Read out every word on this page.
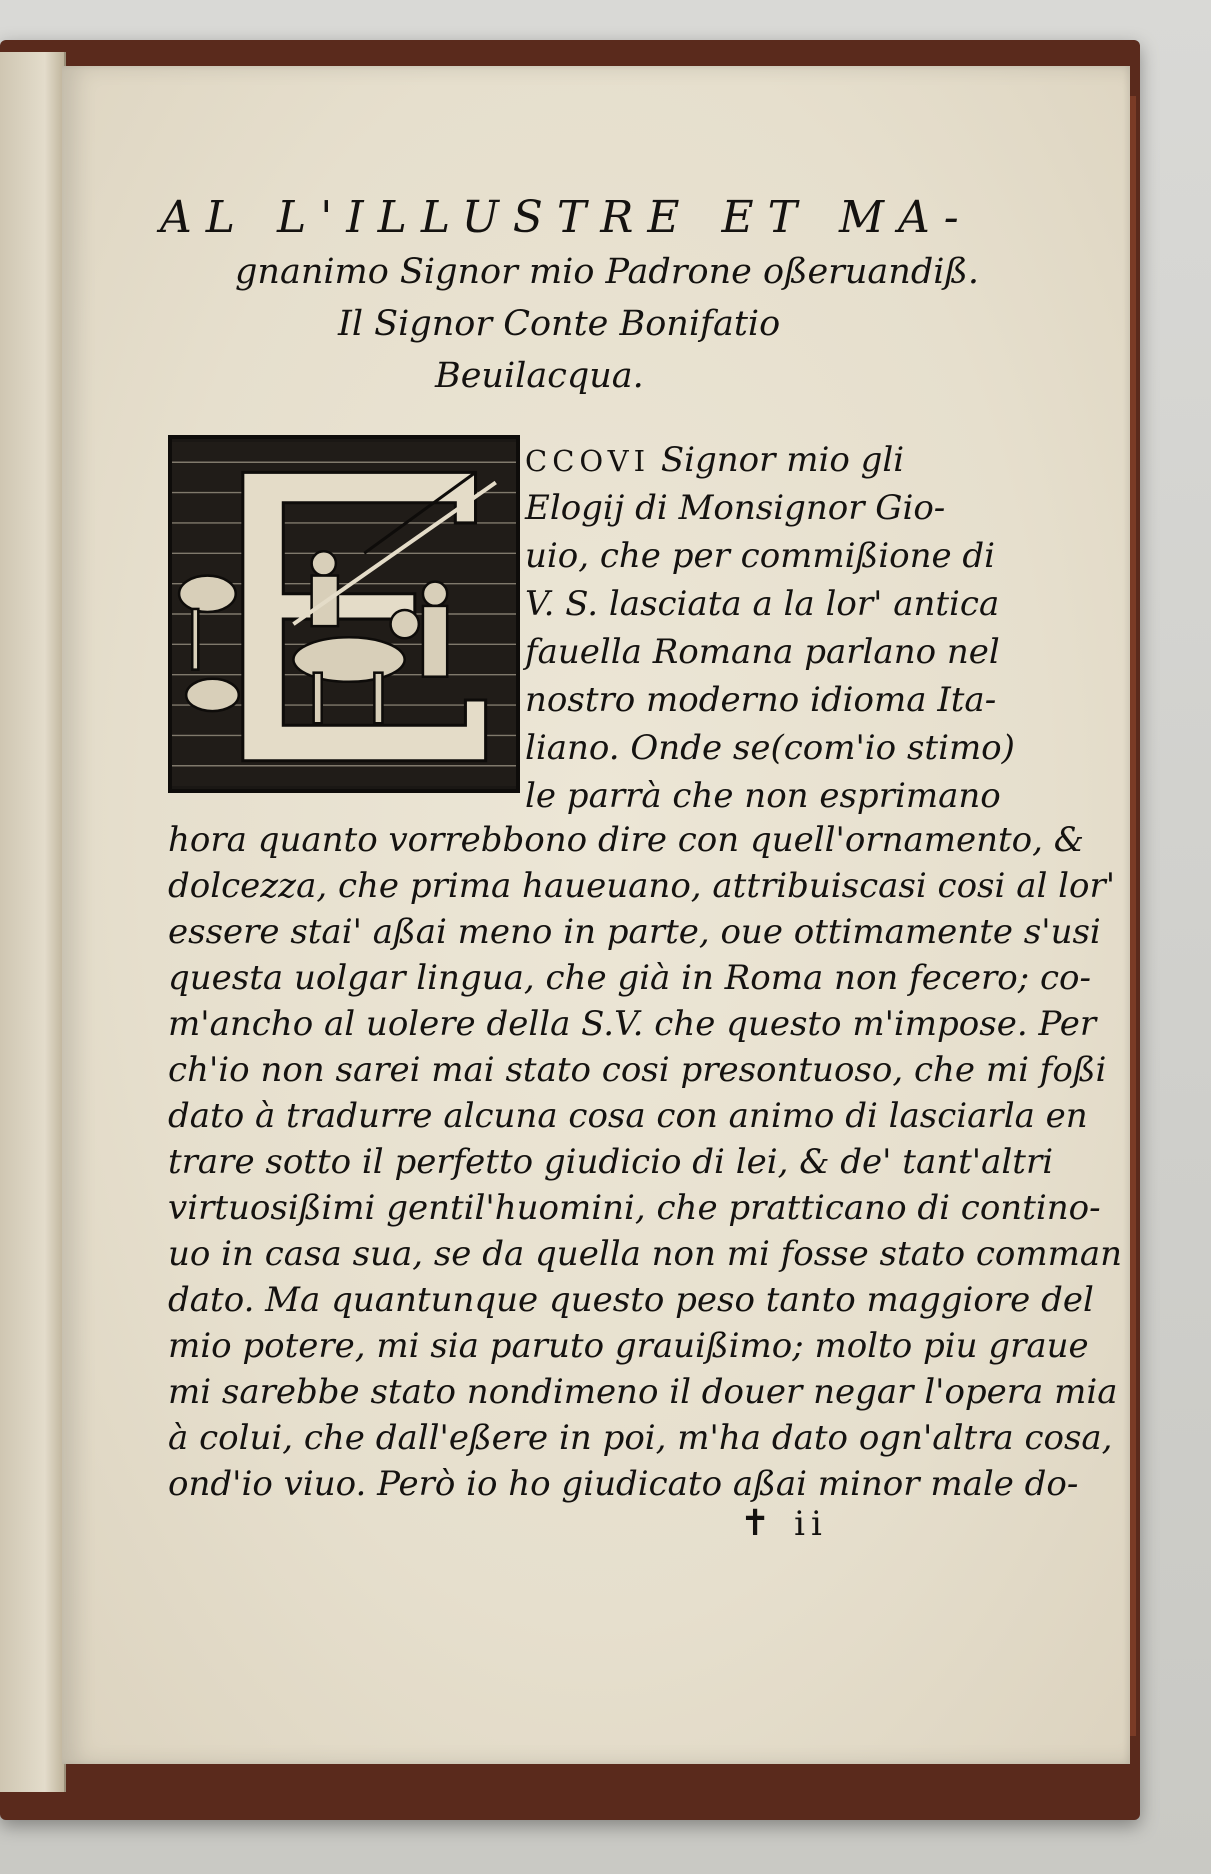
AL L'ILLUSTRE ET MA-
gnanimo Signor mio Padrone oßeruandiß.
Il Signor Conte Bonifatio
Beuilacqua.
CCOVI Signor mio gli
Elogij di Monsignor Gio-
uio, che per commißione di
V. S. lasciata a la lor' antica
fauella Romana parlano nel
nostro moderno idioma Ita-
liano. Onde se(com'io stimo)
le parrà che non esprimano
hora quanto vorrebbono dire con quell'ornamento, &
dolcezza, che prima haueuano, attribuiscasi cosi al lor'
essere stai' aßai meno in parte, oue ottimamente s'usi
questa uolgar lingua, che già in Roma non fecero; co-
m'ancho al uolere della S.V. che questo m'impose. Per
ch'io non sarei mai stato cosi presontuoso, che mi foßi
dato à tradurre alcuna cosa con animo di lasciarla en
trare sotto il perfetto giudicio di lei, & de' tant'altri
virtuosißimi gentil'huomini, che pratticano di contino-
uo in casa sua, se da quella non mi fosse stato comman
dato. Ma quantunque questo peso tanto maggiore del
mio potere, mi sia paruto grauißimo; molto piu graue
mi sarebbe stato nondimeno il douer negar l'opera mia
à colui, che dall'eßere in poi, m'ha dato ogn'altra cosa,
ond'io viuo. Però io ho giudicato aßai minor male do-
✝ ii
